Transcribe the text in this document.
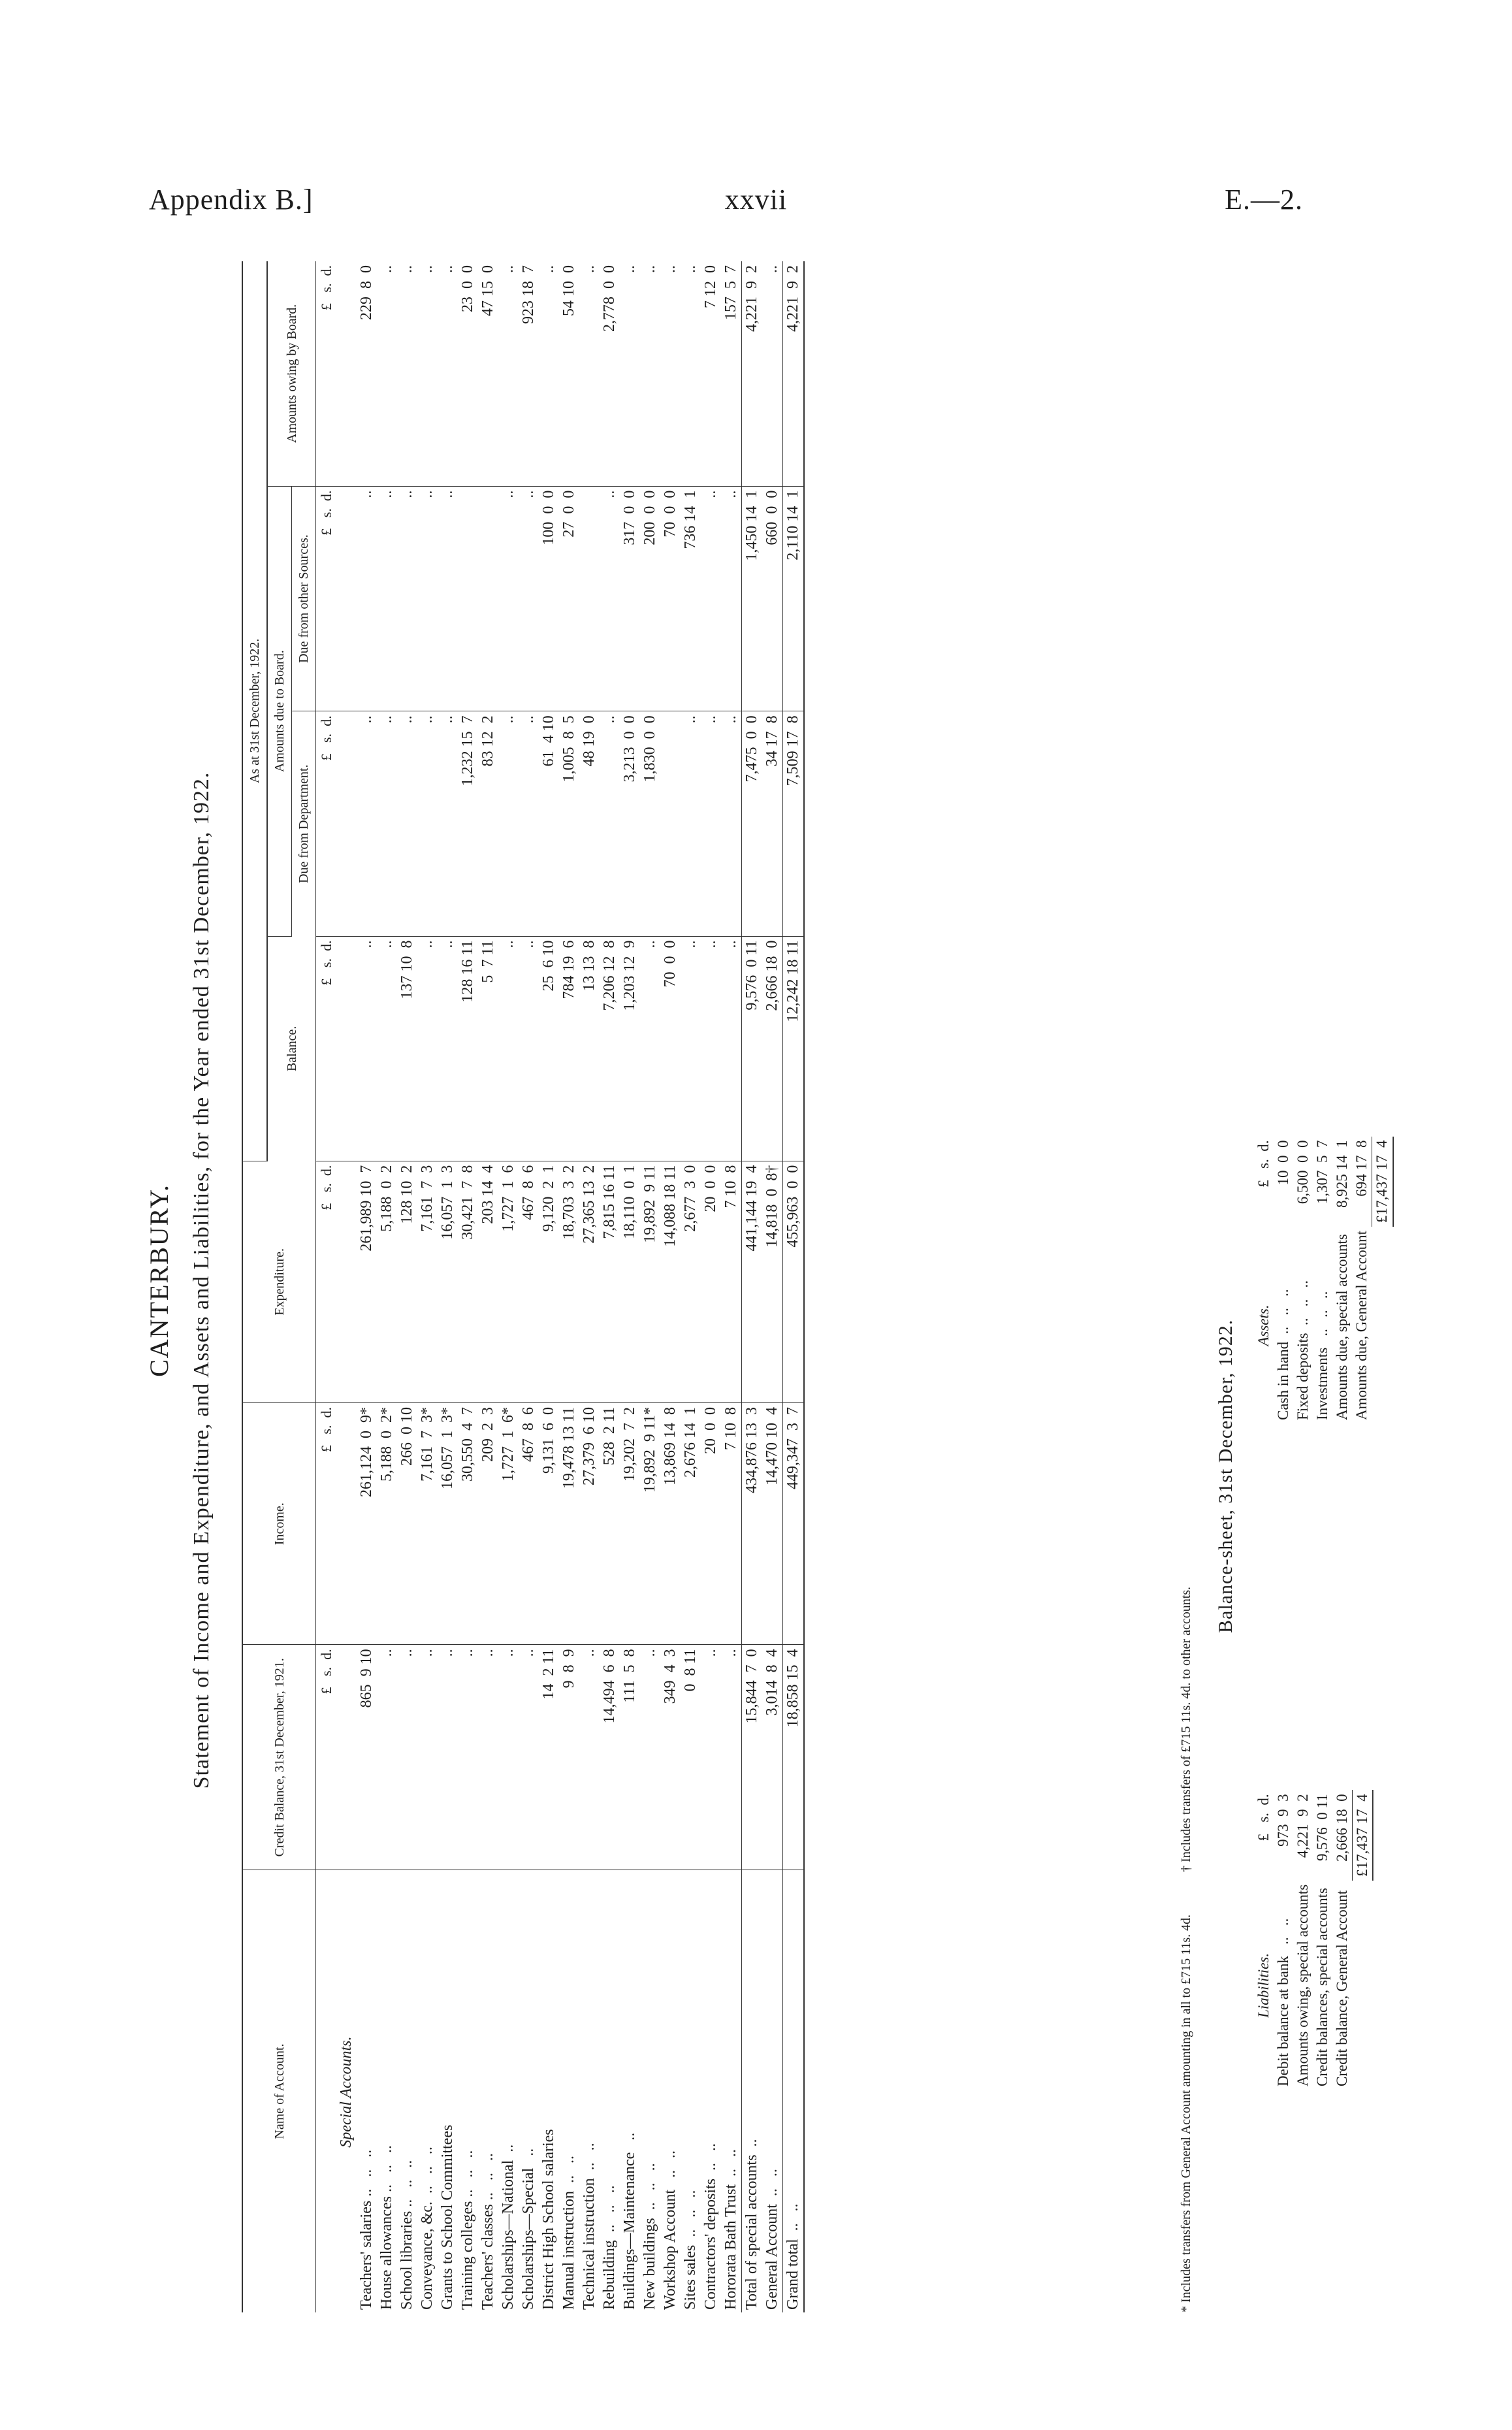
Appendix B.]	xxvii	E.—2.
CANTERBURY. Statement of Income and Expenditure, and Assets and Liabilities, for the Year ended 31st December, 1922.
Name of Account.	Credit Balance, 31st December, 1921.	Income.	Expenditure.	As at 31st December, 1922.			
				Balance.	Amounts due to Board.		Amounts owing by Board.
					Due from Department.	Due from other Sources.	
	£   s.  d.	£   s.  d.	£   s.  d.	£   s.  d.	£   s.  d.	£   s.  d.	£   s.  d.
Special Accounts.							
Teachers' salaries ..   ..   ..	865  9 10	261,124  0  9*	261,989 10  7	..	..	..	229  8  0
House allowances ..   ..   ..	..	5,188  0  2*	5,188  0  2	..	..	..	..
School libraries ..   ..   ..	..	266  0 10	128 10  2	137 10  8	..	..	..
Conveyance, &c.  ..   ..   ..	..	7,161  7  3*	7,161  7  3	..	..	..	..
Grants to School Committees	..	16,057  1  3*	16,057  1  3	..	..	..	..
Training colleges ..   ..   ..	..	30,550  4  7	30,421  7  8	128 16 11	1,232 15  7		23  0  0
Teachers' classes ..   ..   ..	..	209  2  3	203 14  4	5  7 11	83 12  2		47 15  0
Scholarships—National  ..	..	1,727  1  6*	1,727  1  6	..	..	..	..
Scholarships—Special   ..	..	467  8  6	467  8  6	..	..	..	923 18  7
District High School salaries	14  2 11	9,131  6  0	9,120  2  1	25  6 10	61  4 10	100  0  0	..
Manual instruction  ..   ..	9  8  9	19,478 13 11	18,703  3  2	784 19  6	1,005  8  5	27  0  0	54 10  0
Technical instruction  ..   ..	..	27,379  6 10	27,365 13  2	13 13  8	48 19  0		..
Rebuilding  ..   ..   ..	14,494  6  8	528  2 11	7,815 16 11	7,206 12  8	..	..	2,778  0  0
Buildings—Maintenance   ..	111  5  8	19,202  7  2	18,110  0  1	1,203 12  9	3,213  0  0	317  0  0	..
New buildings  ..   ..   ..	..	19,892  9 11*	19,892  9 11	..	1,830  0  0	200  0  0	..
Workshop Account   ..   ..	349  4  3	13,869 14  8	14,088 18 11	70  0  0		70  0  0	..
Sites sales  ..   ..   ..	0  8 11	2,676 14  1	2,677  3  0	..	..	736 14  1	..
Contractors' deposits  ..   ..	..	20  0  0	20  0  0	..	..	..	7 12  0
Hororata Bath Trust  ..   ..	..	7 10  8	7 10  8	..	..	..	157  5  7
Total of special accounts  ..	15,844  7  0	434,876 13  3	441,144 19  4	9,576  0 11	7,475  0  0	1,450 14  1	4,221  9  2
General Account  ..   ..	3,014  8  4	14,470 10  4	14,818  0  8†	2,666 18  0	34 17  8	660  0  0	..
Grand total  ..   ..	18,858 15  4	449,347  3  7	455,963  0  0	12,242 18 11	7,509 17  8	2,110 14  1	4,221  9  2
* Includes transfers from General Account amounting in all to £715 11s. 4d. † Includes transfers of £715 11s. 4d. to other accounts.
Balance-sheet, 31st December, 1922.
Liabilities.	£   s.  d.
Debit balance at bank   ..   ..	973  9  3
Amounts owing, special accounts	4,221  9  2
Credit balances, special accounts	9,576  0 11
Credit balance, General Account	2,666 18  0
	£17,437 17  4
Assets.	£   s.  d.
Cash in hand  ..   ..   ..	10  0  0
Fixed deposits  ..   ..   ..	6,500  0  0
Investments   ..   ..   ..	1,307  5  7
Amounts due, special accounts	8,925 14  1
Amounts due, General Account	694 17  8
	£17,437 17  4
